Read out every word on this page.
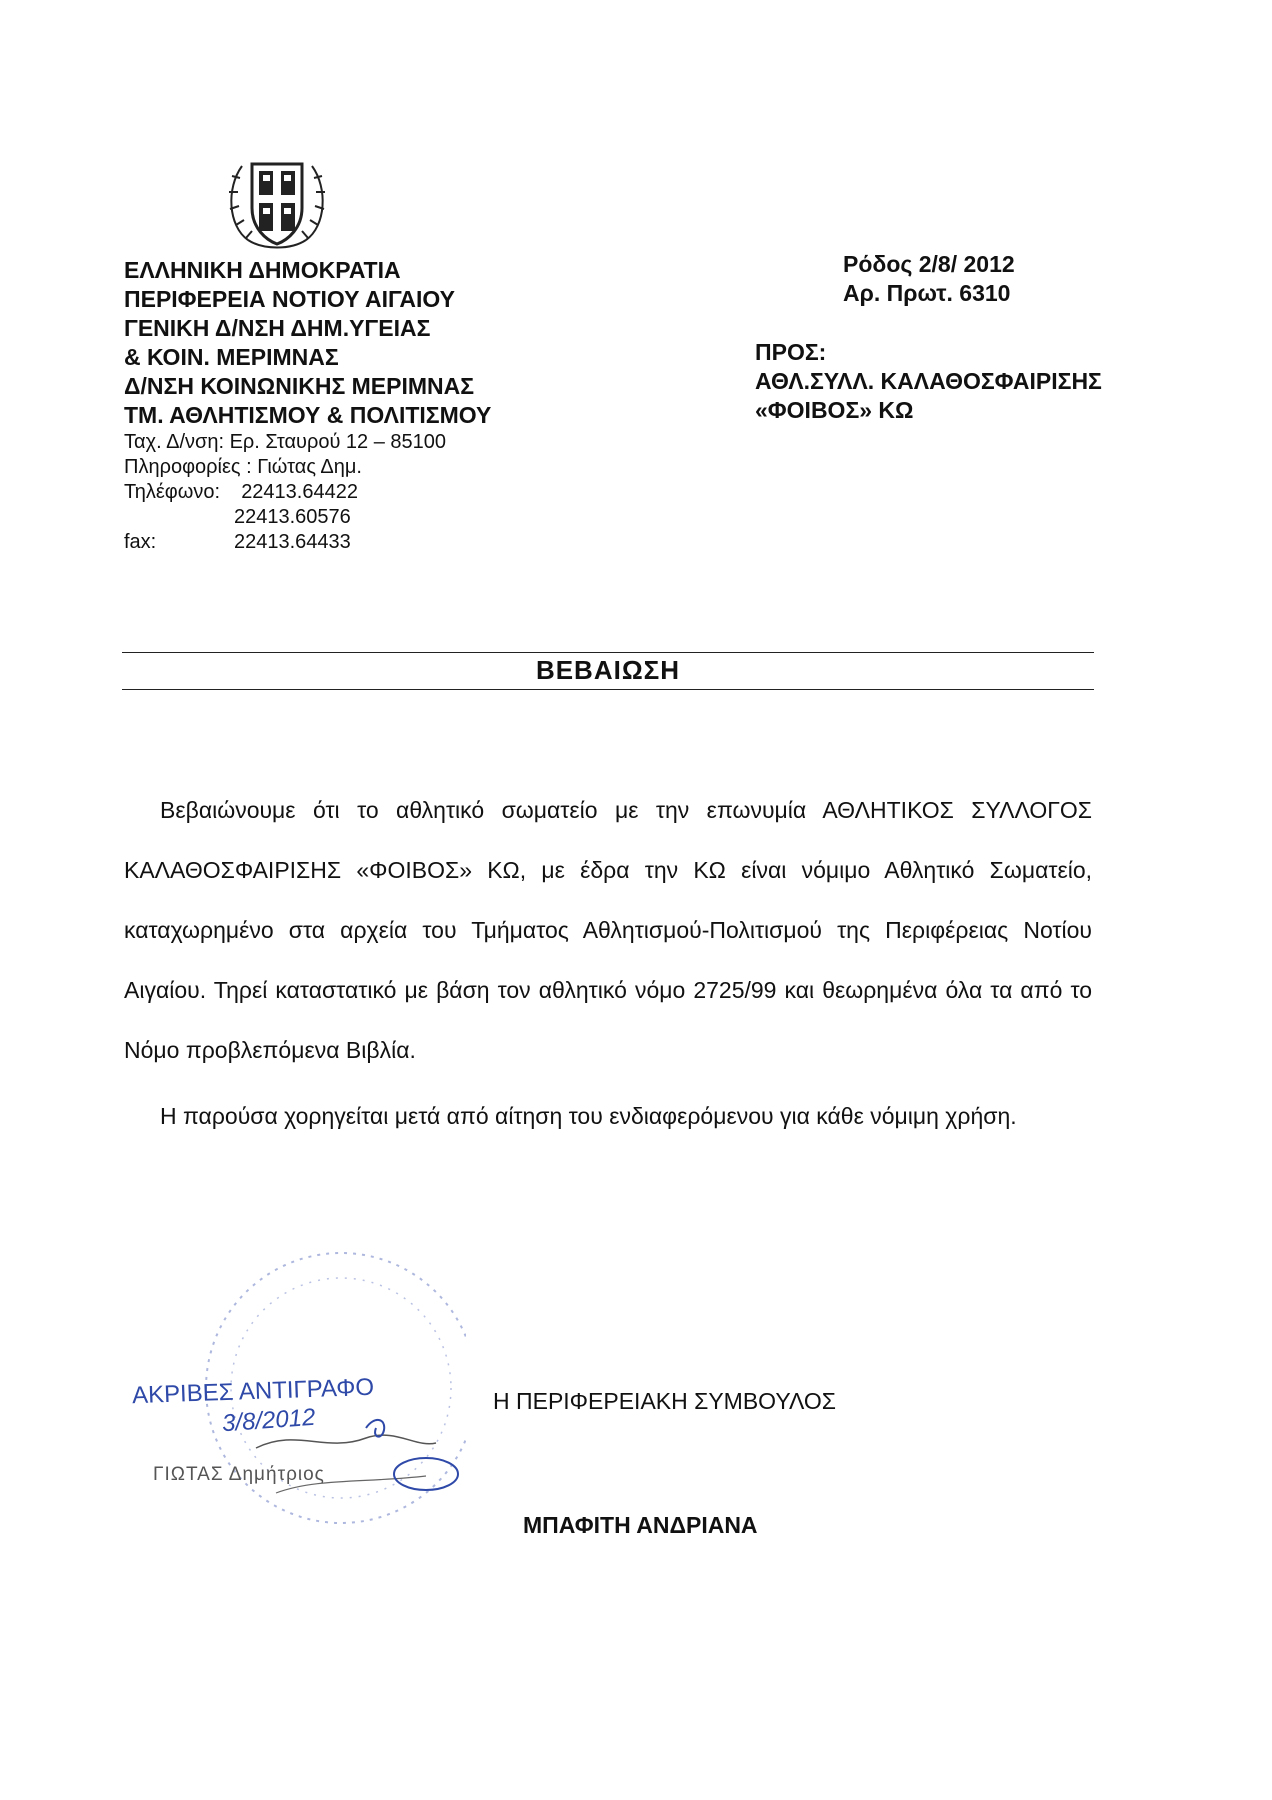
ΕΛΛΗΝΙΚΗ ΔΗΜΟΚΡΑΤΙΑ
ΠΕΡΙΦΕΡΕΙΑ ΝΟΤΙΟΥ ΑΙΓΑΙΟΥ
ΓΕΝΙΚΗ Δ/ΝΣΗ ΔΗΜ.ΥΓΕΙΑΣ
& ΚΟΙΝ. ΜΕΡΙΜΝΑΣ
Δ/ΝΣΗ ΚΟΙΝΩΝΙΚΗΣ ΜΕΡΙΜΝΑΣ
ΤΜ. ΑΘΛΗΤΙΣΜΟΥ & ΠΟΛΙΤΙΣΜΟΥ
Ταχ. Δ/νση: Ερ. Σταυρού 12 – 85100
Πληροφορίες : Γιώτας Δημ.
Τηλέφωνο: 22413.64422
22413.60576
fax:	22413.64433
Ρόδος 2/8/ 2012
Αρ. Πρωτ. 6310
ΠΡΟΣ:
ΑΘΛ.ΣΥΛΛ. ΚΑΛΑΘΟΣΦΑΙΡΙΣΗΣ
«ΦΟΙΒΟΣ» ΚΩ
ΒΕΒΑΙΩΣΗ

Βεβαιώνουμε ότι το αθλητικό σωματείο με την επωνυμία ΑΘΛΗΤΙΚΟΣ ΣΥΛΛΟΓΟΣ ΚΑΛΑΘΟΣΦΑΙΡΙΣΗΣ «ΦΟΙΒΟΣ» ΚΩ, με έδρα την ΚΩ είναι νόμιμο Αθλητικό Σωματείο, καταχωρημένο στα αρχεία του Τμήματος Αθλητισμού-Πολιτισμού της Περιφέρειας Νοτίου Αιγαίου. Τηρεί καταστατικό με βάση τον αθλητικό νόμο 2725/99 και θεωρημένα όλα τα από το Νόμο προβλεπόμενα Βιβλία.

Η παρούσα χορηγείται μετά από αίτηση του ενδιαφερόμενου για κάθε νόμιμη χρήση.

ΑΚΡΙΒΕΣ ΑΝΤΙΓΡΑΦΟ
3/8/2012
ΓΙΩΤΑΣ Δημήτριος
Η ΠΕΡΙΦΕΡΕΙΑΚΗ ΣΥΜΒΟΥΛΟΣ
ΜΠΑΦΙΤΗ ΑΝΔΡΙΑΝΑ
